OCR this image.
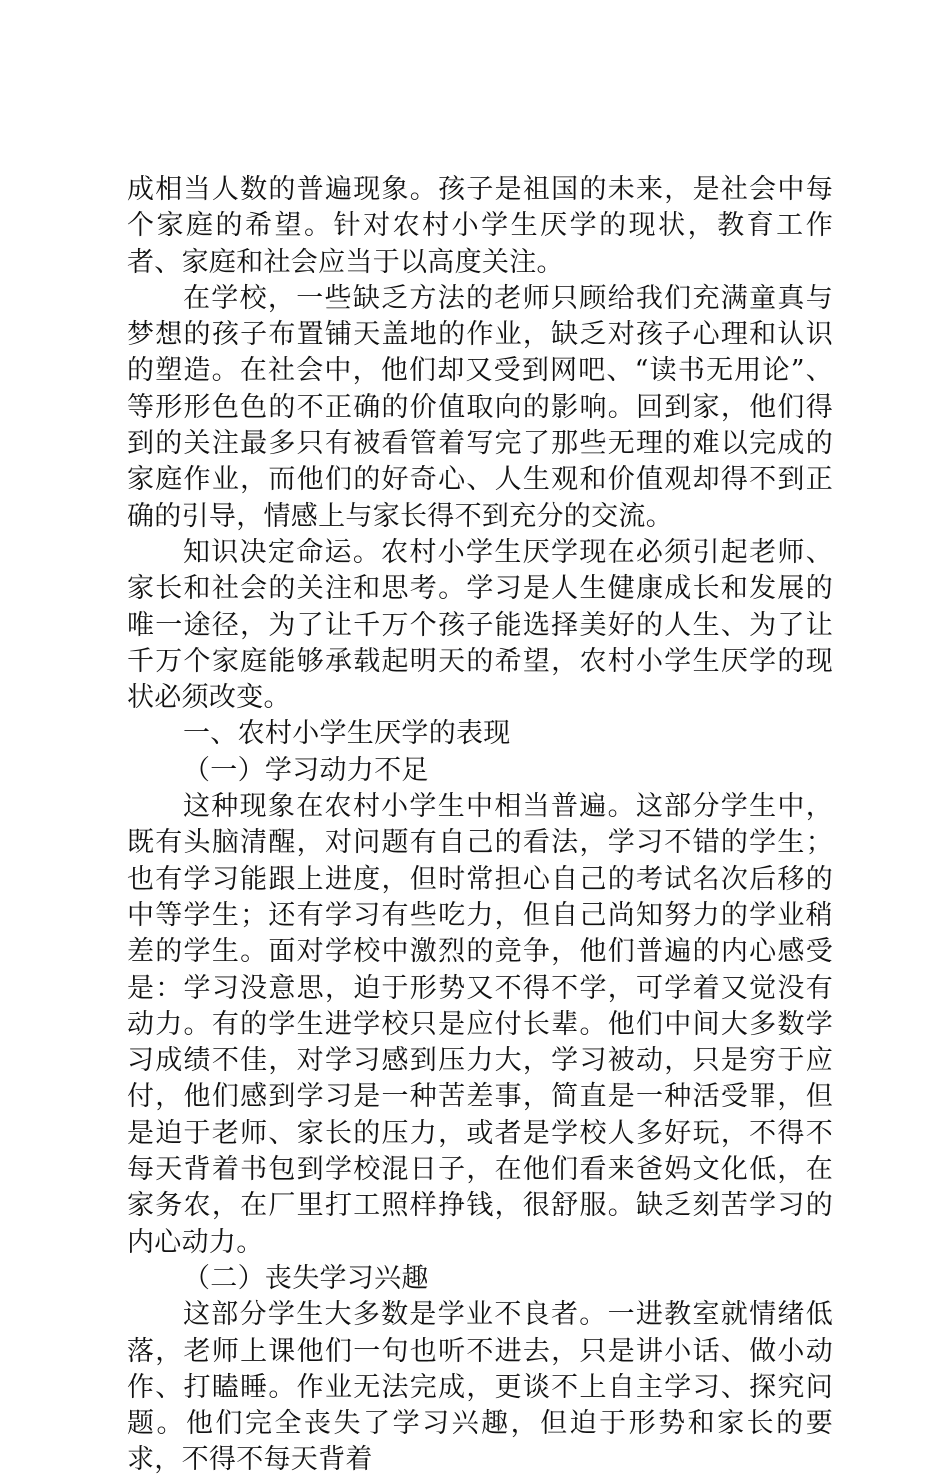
成相当人数的普遍现象。孩子是祖国的未来，是社会中每个家庭的希望。针对农村小学生厌学的现状，教育工作者、家庭和社会应当于以高度关注。

在学校，一些缺乏方法的老师只顾给我们充满童真与梦想的孩子布置铺天盖地的作业，缺乏对孩子心理和认识的塑造。在社会中，他们却又受到网吧、“读书无用论”、等形形色色的不正确的价值取向的影响。回到家，他们得到的关注最多只有被看管着写完了那些无理的难以完成的家庭作业，而他们的好奇心、人生观和价值观却得不到正确的引导，情感上与家长得不到充分的交流。

知识决定命运。农村小学生厌学现在必须引起老师、家长和社会的关注和思考。学习是人生健康成长和发展的唯一途径，为了让千万个孩子能选择美好的人生、为了让千万个家庭能够承载起明天的希望，农村小学生厌学的现状必须改变。

一、农村小学生厌学的表现

（一）学习动力不足

这种现象在农村小学生中相当普遍。这部分学生中，既有头脑清醒，对问题有自己的看法，学习不错的学生；也有学习能跟上进度，但时常担心自己的考试名次后移的中等学生；还有学习有些吃力，但自己尚知努力的学业稍差的学生。面对学校中激烈的竞争，他们普遍的内心感受是：学习没意思，迫于形势又不得不学，可学着又觉没有动力。有的学生进学校只是应付长辈。他们中间大多数学习成绩不佳，对学习感到压力大，学习被动，只是穷于应付，他们感到学习是一种苦差事，简直是一种活受罪，但是迫于老师、家长的压力，或者是学校人多好玩，不得不每天背着书包到学校混日子，在他们看来爸妈文化低，在家务农，在厂里打工照样挣钱，很舒服。缺乏刻苦学习的内心动力。

（二）丧失学习兴趣

这部分学生大多数是学业不良者。一进教室就情绪低落，老师上课他们一句也听不进去，只是讲小话、做小动作、打瞌睡。作业无法完成，更谈不上自主学习、探究问题。他们完全丧失了学习兴趣，但迫于形势和家长的要求，不得不每天背着
